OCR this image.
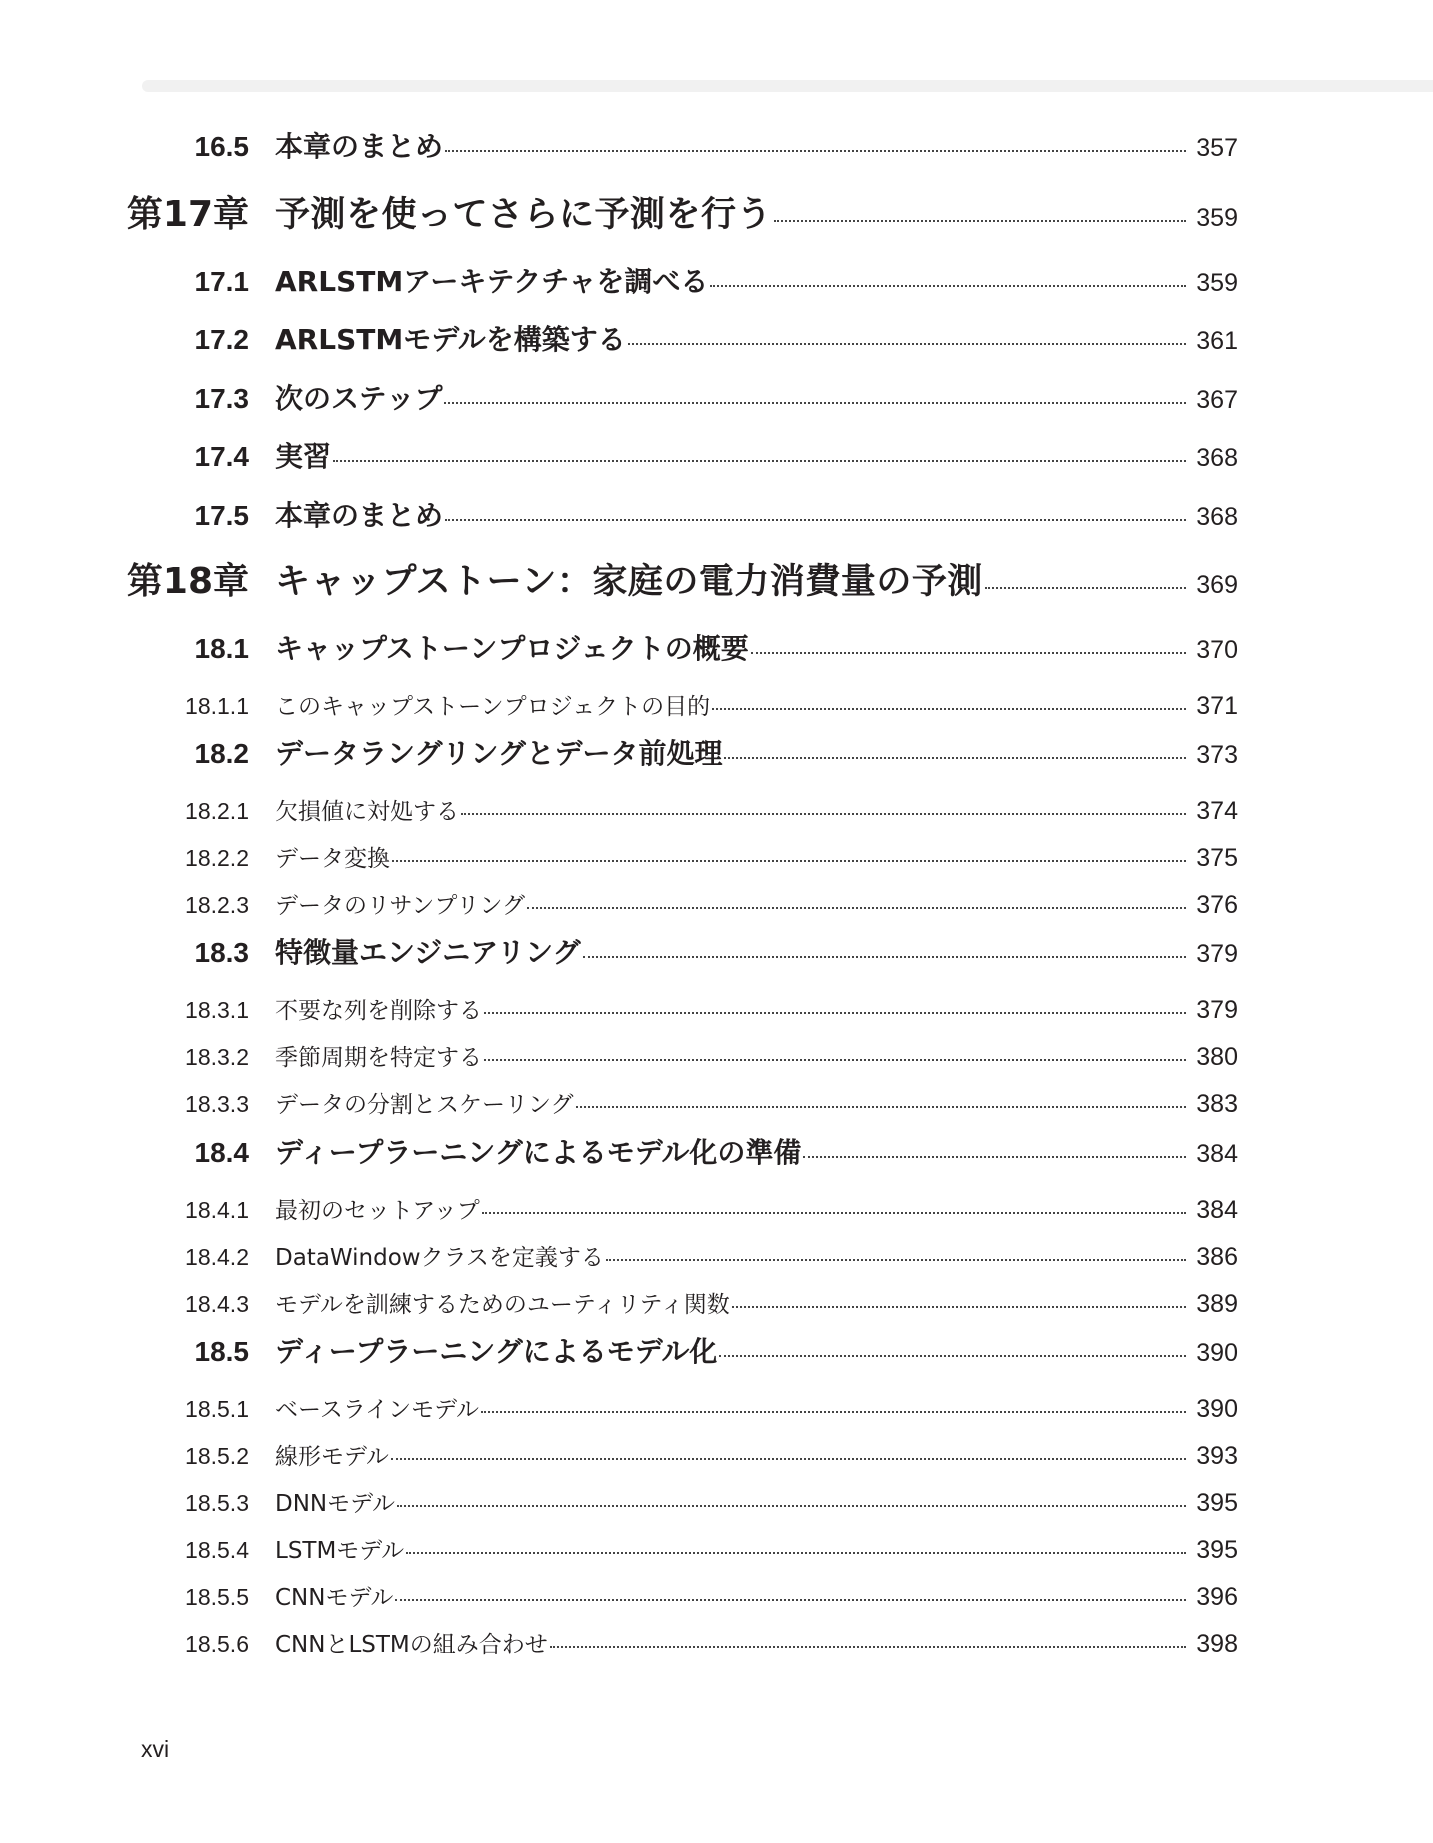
16.5 本章のまとめ	357
第17章 予測を使ってさらに予測を行う	359
17.1 ARLSTMアーキテクチャを調べる	359
17.2 ARLSTMモデルを構築する	361
17.3 次のステップ	367
17.4 実習	368
17.5 本章のまとめ	368
第18章 キャップストーン：家庭の電力消費量の予測	369
18.1 キャップストーンプロジェクトの概要	370
18.1.1	このキャップストーンプロジェクトの目的	371
18.2 データラングリングとデータ前処理	373
18.2.1	欠損値に対処する	374
18.2.2	データ変換	375
18.2.3	データのリサンプリング	376
18.3 特徴量エンジニアリング	379
18.3.1	不要な列を削除する	379
18.3.2	季節周期を特定する	380
18.3.3	データの分割とスケーリング	383
18.4 ディープラーニングによるモデル化の準備	384
18.4.1	最初のセットアップ	384
18.4.2	DataWindowクラスを定義する	386
18.4.3	モデルを訓練するためのユーティリティ関数	389
18.5 ディープラーニングによるモデル化	390
18.5.1	ベースラインモデル	390
18.5.2	線形モデル	393
18.5.3	DNNモデル	395
18.5.4	LSTMモデル	395
18.5.5	CNNモデル	396
18.5.6	CNNとLSTMの組み合わせ	398
xvi
